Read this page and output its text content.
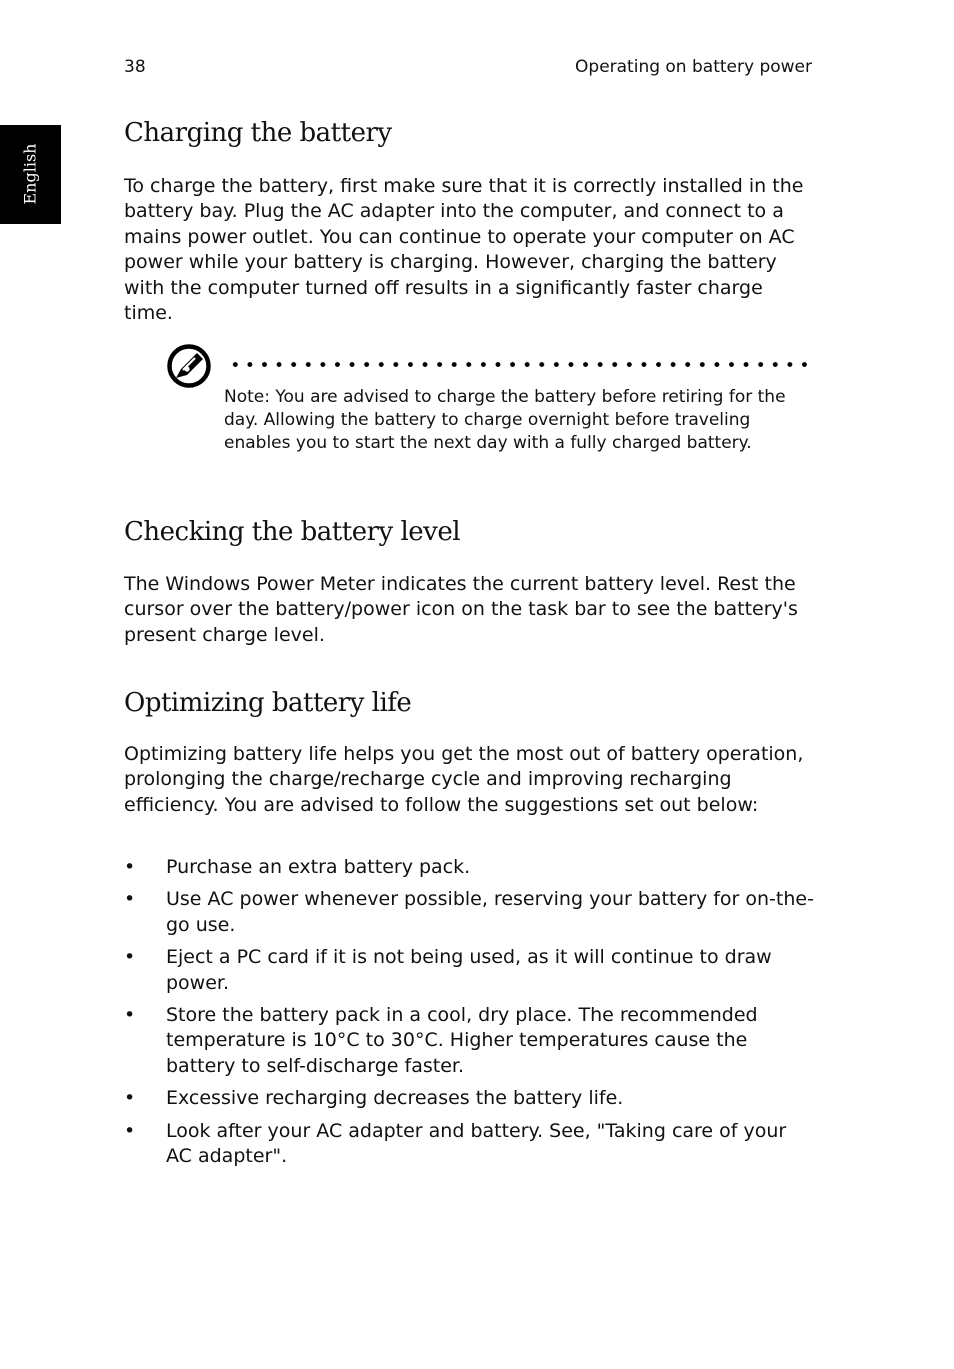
38	Operating on battery power
English
Charging the battery

To charge the battery, first make sure that it is correctly installed in the battery bay. Plug the AC adapter into the computer, and connect to a mains power outlet. You can continue to operate your computer on AC power while your battery is charging. However, charging the battery with the computer turned off results in a significantly faster charge time.

Checking the battery level

The Windows Power Meter indicates the current battery level. Rest the cursor over the battery/power icon on the task bar to see the battery's present charge level.

Optimizing battery life

Optimizing battery life helps you get the most out of battery operation, prolonging the charge/recharge cycle and improving recharging efficiency. You are advised to follow the suggestions set out below:

• Purchase an extra battery pack.
• Use AC power whenever possible, reserving your battery for on-the-go use.
• Eject a PC card if it is not being used, as it will continue to draw power.
• Store the battery pack in a cool, dry place. The recommended temperature is 10°C to 30°C. Higher temperatures cause the battery to self-discharge faster.
• Excessive recharging decreases the battery life.
• Look after your AC adapter and battery. See, "Taking care of your AC adapter".

Note: You are advised to charge the battery before retiring for the day. Allowing the battery to charge overnight before traveling enables you to start the next day with a fully charged battery.
